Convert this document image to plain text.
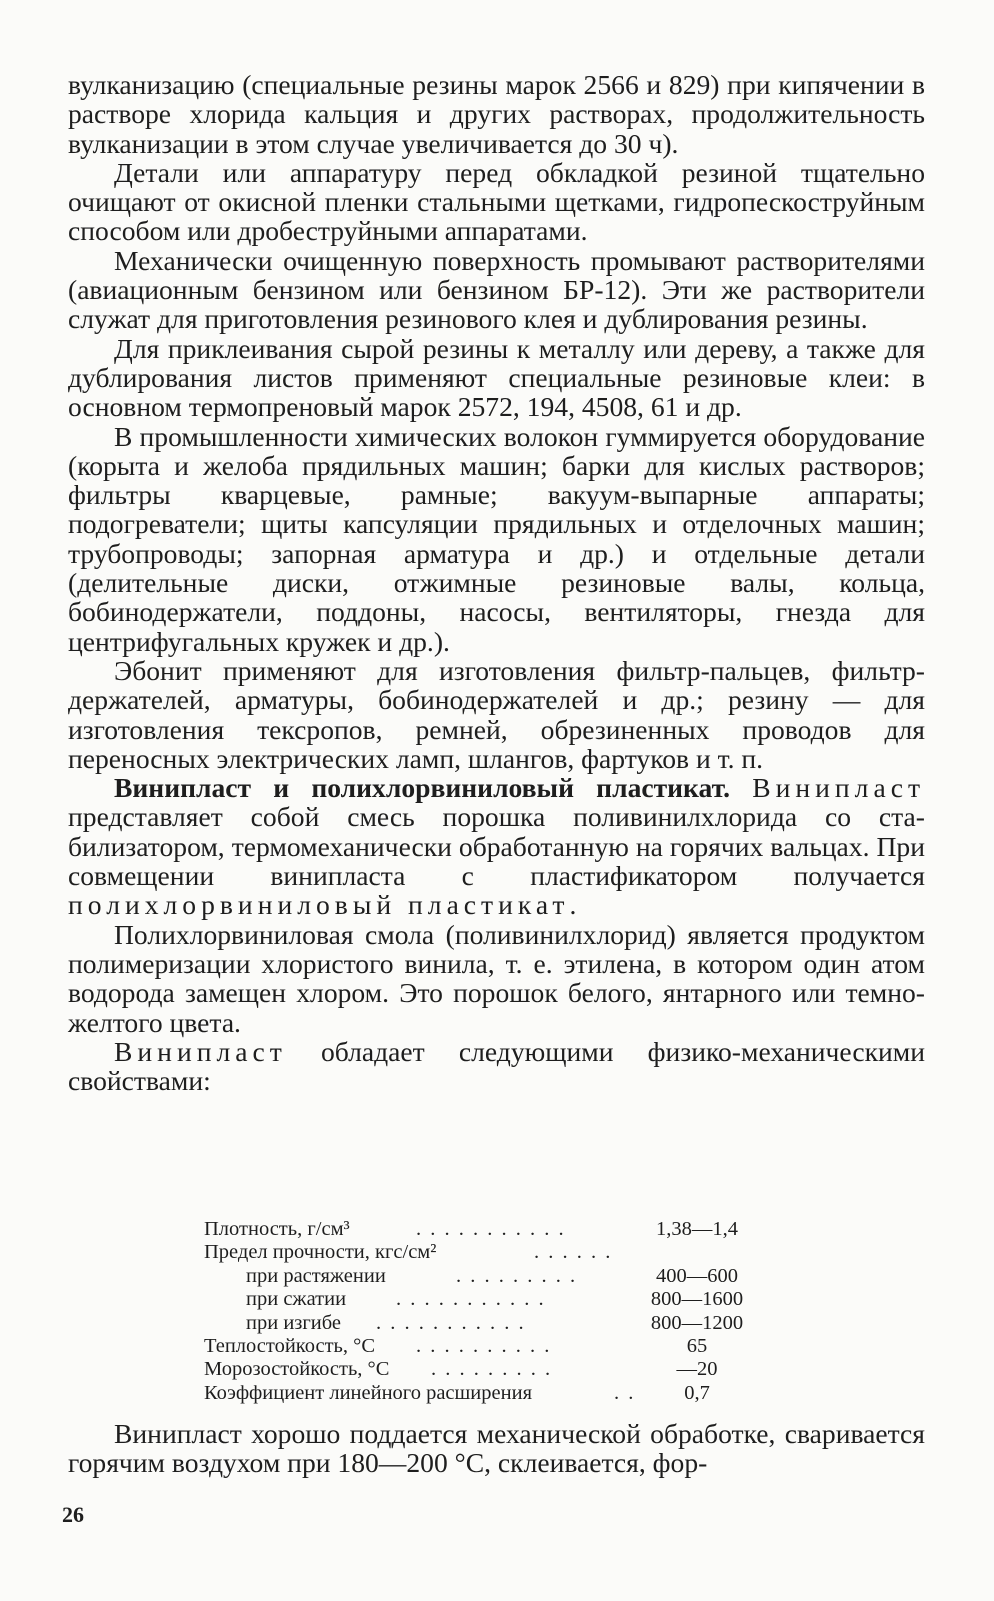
вулканизацию (специальные резины марок 2566 и 829) при кипячении в растворе хлорида кальция и других растворах, продолжительность вулканизации в этом случае увеличивается до 30 ч).

Детали или аппаратуру перед обкладкой резиной тщательно очищают от окисной пленки стальными щетками, гидропескоструйным способом или дробеструйными аппаратами.

Механически очищенную поверхность промывают растворителями (авиационным бензином или бензином БР-12). Эти же растворители служат для приготовления резинового клея и дублирования резины.

Для приклеивания сырой резины к металлу или дереву, а также для дублирования листов применяют специальные резиновые клеи: в основном термопреновый марок 2572, 194, 4508, 61 и др.

В промышленности химических волокон гуммируется оборудование (корыта и желоба прядильных машин; барки для кислых растворов; фильтры кварцевые, рамные; вакуум-выпарные аппараты; подогреватели; щиты капсуляции прядильных и отделочных машин; трубопроводы; запорная арматура и др.) и отдельные детали (делительные диски, отжимные резиновые валы, кольца, бобинодержатели, поддоны, насосы, вентиляторы, гнезда для центрифугальных кружек и др.).

Эбонит применяют для изготовления фильтр-пальцев, фильтр-держателей, арматуры, бобинодержателей и др.; резину — для изготовления тексропов, ремней, обрезиненных проводов для переносных электрических ламп, шлангов, фартуков и т. п.

Винипласт и полихлорвиниловый пластикат. Винипласт представляет собой смесь порошка поливинилхлорида со стабилизатором, термомеханически обработанную на горячих вальцах. При совмещении винипласта с пластификатором получается полихлорвиниловый пластикат.

Полихлорвиниловая смола (поливинилхлорид) является продуктом полимеризации хлористого винила, т. е. этилена, в котором один атом водорода замещен хлором. Это порошок белого, янтарного или темно-желтого цвета.

Винипласт обладает следующими физико-механическими свойствами:

Плотность, г/см³	. . . . . . . . . . .	1,38—1,4
Предел прочности, кгс/см²	. . . . . .
при растяжении	. . . . . . . . .	400—600
при сжатии . . . . . . . . . . .	800—1600
при изгибе . . . . . . . . . . .	800—1200
Теплостойкость, °С . . . . . . . . . .	65
Морозостойкость, °С . . . . . . . . .	—20
Коэффициент линейного расширения	. .	0,7

Винипласт хорошо поддается механической обработке, сваривается горячим воздухом при 180—200 °С, склеивается, фор-

26
